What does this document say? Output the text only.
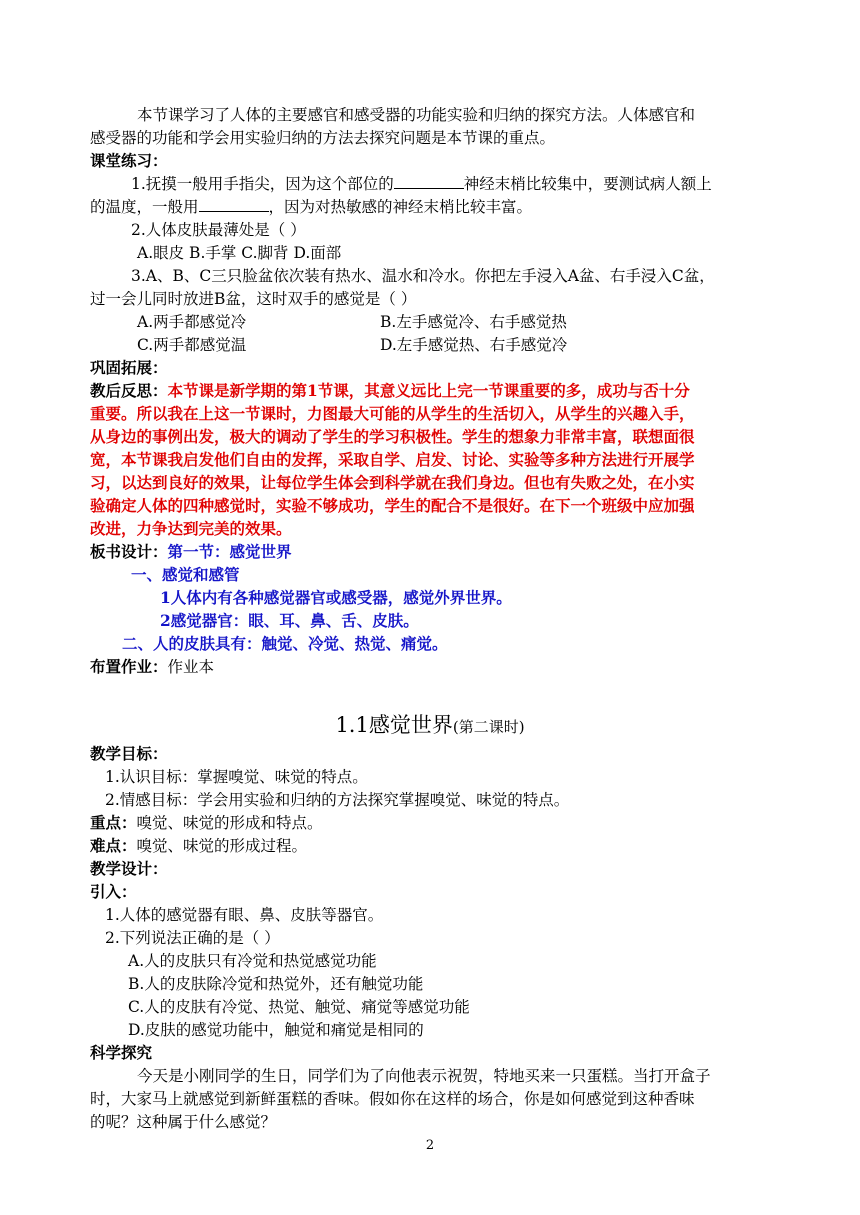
本节课学习了人体的主要感官和感受器的功能实验和归纳的探究方法。人体感官和
感受器的功能和学会用实验归纳的方法去探究问题是本节课的重点。
课堂练习：
1.抚摸一般用手指尖，因为这个部位的	神经末梢比较集中，要测试病人额上
的温度，一般用	，因为对热敏感的神经末梢比较丰富。
2.人体皮肤最薄处是（ ）
A.眼皮 B.手掌 C.脚背 D.面部
3.A、B、C三只脸盆依次装有热水、温水和冷水。你把左手浸入A盆、右手浸入C盆，
过一会儿同时放进B盆，这时双手的感觉是（ ）
A.两手都感觉冷	B.左手感觉冷、右手感觉热
C.两手都感觉温	D.左手感觉热、右手感觉冷
巩固拓展：
教后反思：本节课是新学期的第1节课，其意义远比上完一节课重要的多，成功与否十分
重要。所以我在上这一节课时，力图最大可能的从学生的生活切入，从学生的兴趣入手，
从身边的事例出发，极大的调动了学生的学习积极性。学生的想象力非常丰富，联想面很
宽，本节课我启发他们自由的发挥，采取自学、启发、讨论、实验等多种方法进行开展学
习，以达到良好的效果，让每位学生体会到科学就在我们身边。但也有失败之处，在小实
验确定人体的四种感觉时，实验不够成功，学生的配合不是很好。在下一个班级中应加强
改进，力争达到完美的效果。
板书设计：第一节：感觉世界
一、感觉和感管
1人体内有各种感觉器官或感受器，感觉外界世界。
2感觉器官：眼、耳、鼻、舌、皮肤。
二、人的皮肤具有：触觉、冷觉、热觉、痛觉。
布置作业：作业本
1.1感觉世界(第二课时)
教学目标：
1.认识目标：掌握嗅觉、味觉的特点。
2.情感目标：学会用实验和归纳的方法探究掌握嗅觉、味觉的特点。
重点：嗅觉、味觉的形成和特点。
难点：嗅觉、味觉的形成过程。
教学设计：
引入：
1.人体的感觉器有眼、鼻、皮肤等器官。
2.下列说法正确的是（ ）
A.人的皮肤只有冷觉和热觉感觉功能
B.人的皮肤除冷觉和热觉外，还有触觉功能
C.人的皮肤有冷觉、热觉、触觉、痛觉等感觉功能
D.皮肤的感觉功能中，触觉和痛觉是相同的
科学探究
今天是小刚同学的生日，同学们为了向他表示祝贺，特地买来一只蛋糕。当打开盒子
时，大家马上就感觉到新鲜蛋糕的香味。假如你在这样的场合，你是如何感觉到这种香味
的呢？这种属于什么感觉？
2
